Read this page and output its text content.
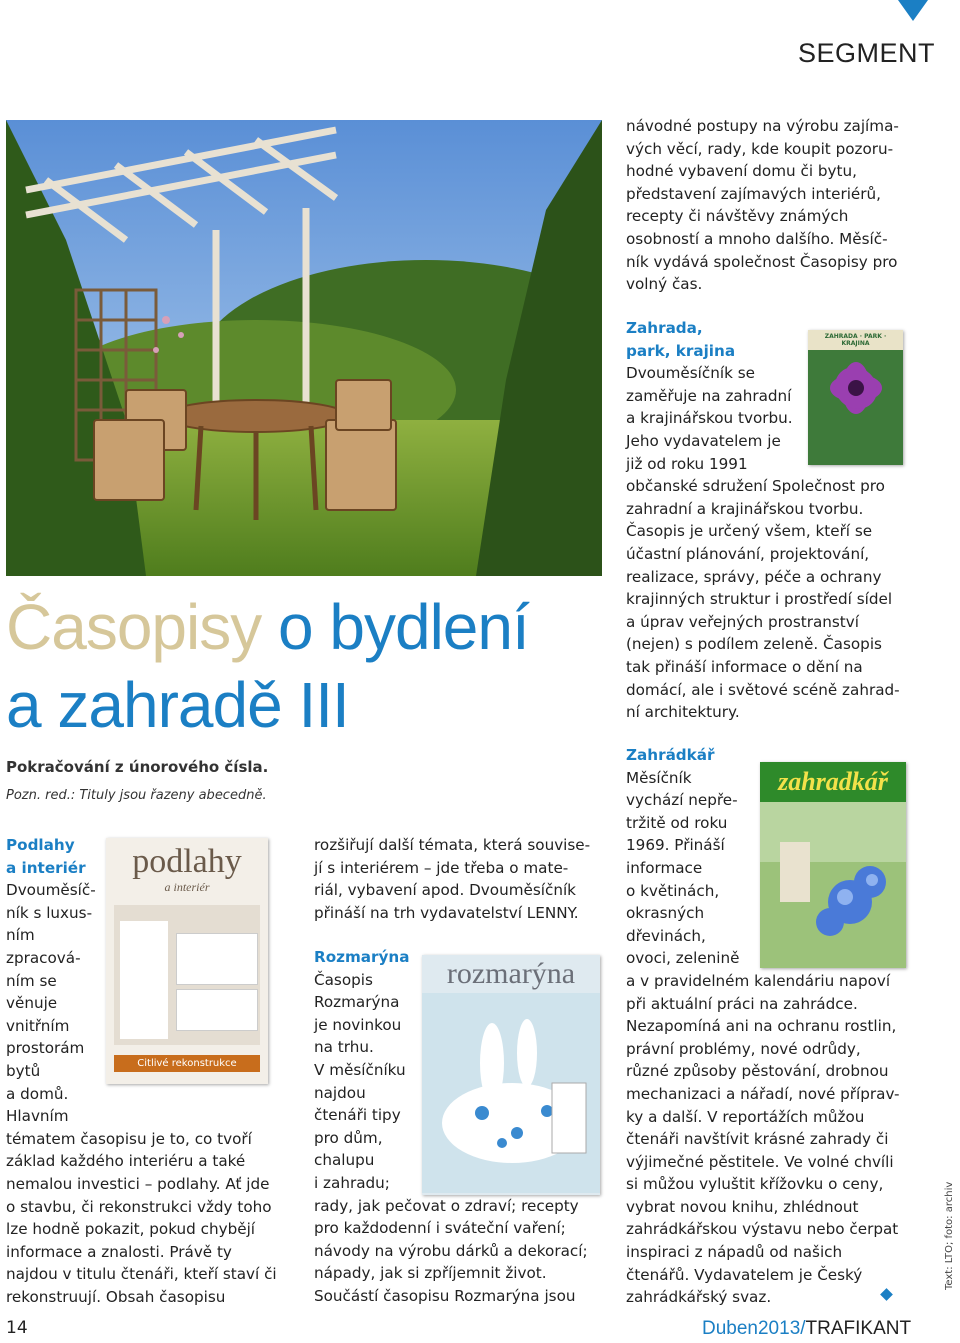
SEGMENT
Časopisy o bydlení
a zahradě III
Pokračování z únorového čísla.
Pozn. red.: Tituly jsou řazeny abecedně.

návodné postupy na výrobu zajíma-

vých věcí, rady, kde koupit pozoru-

hodné vybavení domu či bytu,

představení zajímavých interiérů,

recepty či návštěvy známých

osobností a mnoho dalšího. Měsíč-

ník vydává společnost Časopisy pro

volný čas.

Zahrada,

park, krajina

Dvouměsíčník se

zaměřuje na zahradní

a krajinářskou tvorbu.

Jeho vydavatelem je

již od roku 1991

občanské sdružení Společnost pro

zahradní a krajinářskou tvorbu.

Časopis je určený všem, kteří se

účastní plánování, projektování,

realizace, správy, péče a ochrany

krajinných struktur i prostředí sídel

a úprav veřejných prostranství

(nejen) s podílem zeleně. Časopis

tak přináší informace o dění na

domácí, ale i světové scéně zahrad-

ní architektury.

ZAHRADA · PARK · KRAJINA

Podlahy

a interiér

Dvouměsíč-

ník s luxus-

ním

zpracová-

ním se

věnuje

vnitřním

prostorám

bytů

a domů.

Hlavním

tématem časopisu je to, co tvoří

základ každého interiéru a také

nemalou investici – podlahy. Ať jde

o stavbu, či rekonstrukci vždy toho

lze hodně pokazit, pokud chybějí

informace a znalosti. Právě ty

najdou v titulu čtenáři, kteří staví či

rekonstruují. Obsah časopisu

podlahy
a interiér
Citlivé rekonstrukce

rozšiřují další témata, která souvise-

jí s interiérem – jde třeba o mate-

riál, vybavení apod. Dvouměsíčník

přináší na trh vydavatelství LENNY.

Rozmarýna

Časopis

Rozmarýna

je novinkou

na trhu.

V měsíčníku

najdou

čtenáři tipy

pro dům,

chalupu

i zahradu;

rady, jak pečovat o zdraví; recepty

pro každodenní i sváteční vaření;

návody na výrobu dárků a dekorací;

nápady, jak si zpříjemnit život.

Součástí časopisu Rozmarýna jsou

rozmarýna

Zahrádkář

Měsíčník

vychází nepře-

tržitě od roku

1969. Přináší

informace

o květinách,

okrasných

dřevinách,

ovoci, zelenině

a v pravidelném kalendáriu napoví

při aktuální práci na zahrádce.

Nezapomíná ani na ochranu rostlin,

právní problémy, nové odrůdy,

různé způsoby pěstování, drobnou

mechanizaci a nářadí, nové příprav-

ky a další. V reportážích můžou

čtenáři navštívit krásné zahrady či

výjimečné pěstitele. Ve volné chvíli

si můžou vyluštit křížovku o ceny,

vybrat novou knihu, zhlédnout

zahrádkářskou výstavu nebo čerpat

inspiraci z nápadů od našich

čtenářů. Vydavatelem je Český

zahrádkářský svaz.

zahradkář
14	Duben2013/TRAFIKANT
Text: LTO; foto: archiv
